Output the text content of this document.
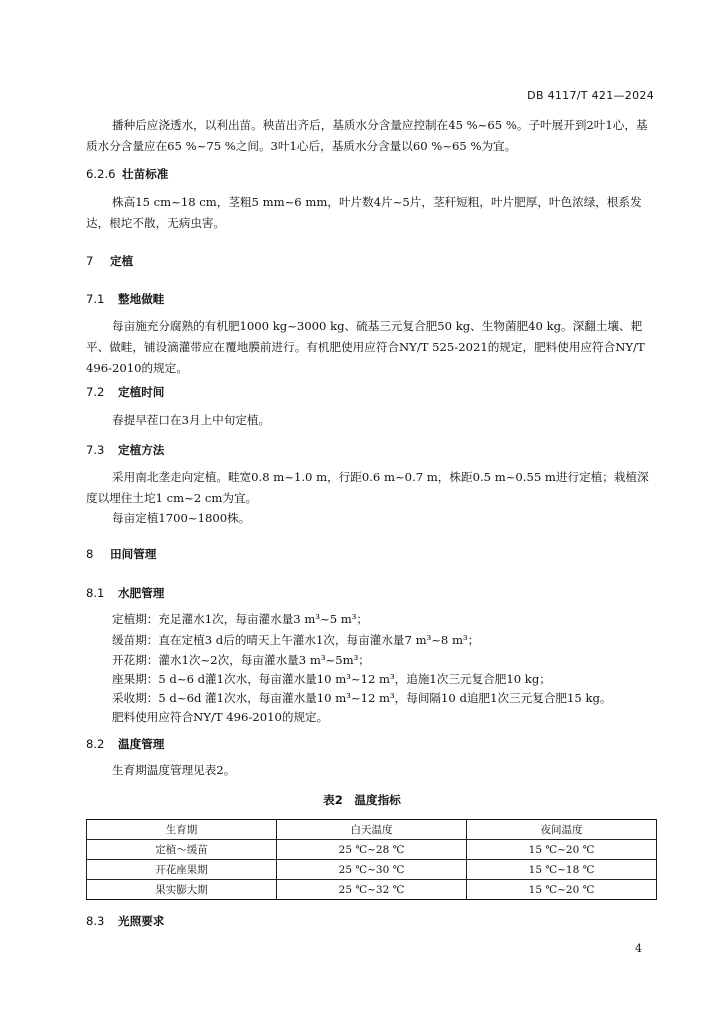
DB 4117/T 421—2024

播种后应浇透水，以利出苗。秧苗出齐后，基质水分含量应控制在45 %~65 %。子叶展开到2叶1心，基质水分含量应在65 %~75 %之间。3叶1心后，基质水分含量以60 %~65 %为宜。

6.2.6 壮苗标准

株高15 cm~18 cm，茎粗5 mm~6 mm，叶片数4片~5片，茎秆短粗，叶片肥厚，叶色浓绿，根系发达，根坨不散，无病虫害。

7 定植
7.1 整地做畦

每亩施充分腐熟的有机肥1000 kg~3000 kg、硫基三元复合肥50 kg、生物菌肥40 kg。深翻土壤、耙平、做畦，铺设滴灌带应在覆地膜前进行。有机肥使用应符合NY/T 525-2021的规定，肥料使用应符合NY/T 496-2010的规定。

7.2 定植时间

春提早茬口在3月上中旬定植。

7.3 定植方法

采用南北垄走向定植。畦宽0.8 m~1.0 m，行距0.6 m~0.7 m，株距0.5 m~0.55 m进行定植；栽植深度以埋住土坨1 cm~2 cm为宜。

每亩定植1700~1800株。

8 田间管理
8.1 水肥管理
定植期：充足灌水1次，每亩灌水量3 m³~5 m³；
缓苗期：直在定植3 d后的晴天上午灌水1次，每亩灌水量7 m³~8 m³；
开花期：灌水1次~2次，每亩灌水量3 m³~5m³；
座果期：5 d~6 d灌1次水，每亩灌水量10 m³~12 m³，追施1次三元复合肥10 kg；
采收期：5 d~6d 灌1次水，每亩灌水量10 m³~12 m³，每间隔10 d追肥1次三元复合肥15 kg。
肥料使用应符合NY/T 496-2010的规定。
8.2 温度管理

生育期温度管理见表2。

表2　温度指标
生育期	白天温度	夜间温度
定植～缓苗	25 ℃~28 ℃	15 ℃~20 ℃
开花座果期	25 ℃~30 ℃	15 ℃~18 ℃
果实膨大期	25 ℃~32 ℃	15 ℃~20 ℃
8.3 光照要求
4
